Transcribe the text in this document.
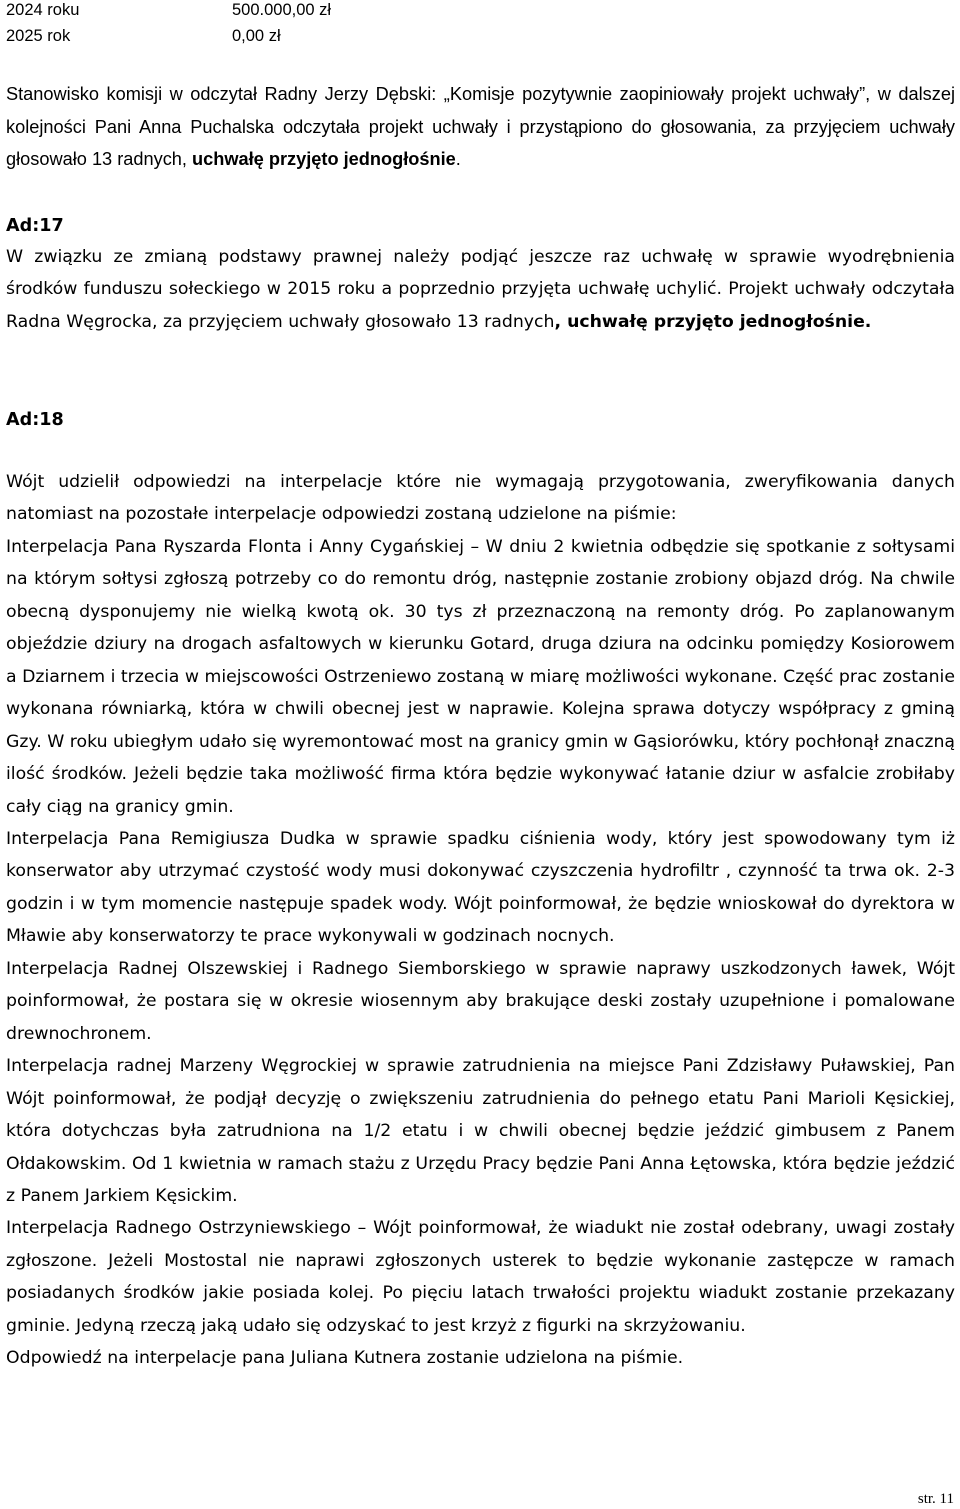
2024 roku	500.000,00 zł
2025 rok	0,00 zł
Stanowisko komisji w odczytał Radny Jerzy Dębski: „Komisje pozytywnie zaopiniowały projekt uchwały”, w dalszej kolejności Pani Anna Puchalska odczytała projekt uchwały i przystąpiono do głosowania, za przyjęciem uchwały głosowało 13 radnych, uchwałę przyjęto jednogłośnie.
Ad:17
W związku ze zmianą podstawy prawnej należy podjąć jeszcze raz uchwałę w sprawie wyodrębnienia środków funduszu sołeckiego w 2015 roku a poprzednio przyjęta uchwałę uchylić. Projekt uchwały odczytała Radna Węgrocka, za przyjęciem uchwały głosowało 13 radnych, uchwałę przyjęto jednogłośnie.
Ad:18

Wójt udzielił odpowiedzi na interpelacje które nie wymagają przygotowania, zweryfikowania danych natomiast na pozostałe interpelacje odpowiedzi zostaną udzielone na piśmie:

Interpelacja Pana Ryszarda Flonta i Anny Cygańskiej – W dniu 2 kwietnia odbędzie się spotkanie z sołtysami na którym sołtysi zgłoszą potrzeby co do remontu dróg, następnie zostanie zrobiony objazd dróg. Na chwile obecną dysponujemy nie wielką kwotą ok. 30 tys zł przeznaczoną na remonty dróg. Po zaplanowanym objeździe dziury na drogach asfaltowych w kierunku Gotard, druga dziura na odcinku pomiędzy Kosiorowem a Dziarnem i trzecia w miejscowości Ostrzeniewo zostaną w miarę możliwości wykonane. Część prac zostanie wykonana równiarką, która w chwili obecnej jest w naprawie. Kolejna sprawa dotyczy współpracy z gminą Gzy. W roku ubiegłym udało się wyremontować most na granicy gmin w Gąsiorówku, który pochłonął znaczną ilość środków. Jeżeli będzie taka możliwość firma która będzie wykonywać łatanie dziur w asfalcie zrobiłaby cały ciąg na granicy gmin.

Interpelacja Pana Remigiusza Dudka w sprawie spadku ciśnienia wody, który jest spowodowany tym iż konserwator aby utrzymać czystość wody musi dokonywać czyszczenia hydrofiltr , czynność ta trwa ok. 2-3 godzin i w tym momencie następuje spadek wody. Wójt poinformował, że będzie wnioskował do dyrektora w Mławie aby konserwatorzy te prace wykonywali w godzinach nocnych.

Interpelacja Radnej Olszewskiej i Radnego Siemborskiego w sprawie naprawy uszkodzonych ławek, Wójt poinformował, że postara się w okresie wiosennym aby brakujące deski zostały uzupełnione i pomalowane drewnochronem.

Interpelacja radnej Marzeny Węgrockiej w sprawie zatrudnienia na miejsce Pani Zdzisławy Puławskiej, Pan Wójt poinformował, że podjął decyzję o zwiększeniu zatrudnienia do pełnego etatu Pani Marioli Kęsickiej, która dotychczas była zatrudniona na 1/2 etatu i w chwili obecnej będzie jeździć gimbusem z Panem Ołdakowskim. Od 1 kwietnia w ramach stażu z Urzędu Pracy będzie Pani Anna Łętowska, która będzie jeździć z Panem Jarkiem Kęsickim.

Interpelacja Radnego Ostrzyniewskiego – Wójt poinformował, że wiadukt nie został odebrany, uwagi zostały zgłoszone. Jeżeli Mostostal nie naprawi zgłoszonych usterek to będzie wykonanie zastępcze w ramach posiadanych środków jakie posiada kolej. Po pięciu latach trwałości projektu wiadukt zostanie przekazany gminie. Jedyną rzeczą jaką udało się odzyskać to jest krzyż z figurki na skrzyżowaniu.

Odpowiedź na interpelacje pana Juliana Kutnera zostanie udzielona na piśmie.

str. 11
